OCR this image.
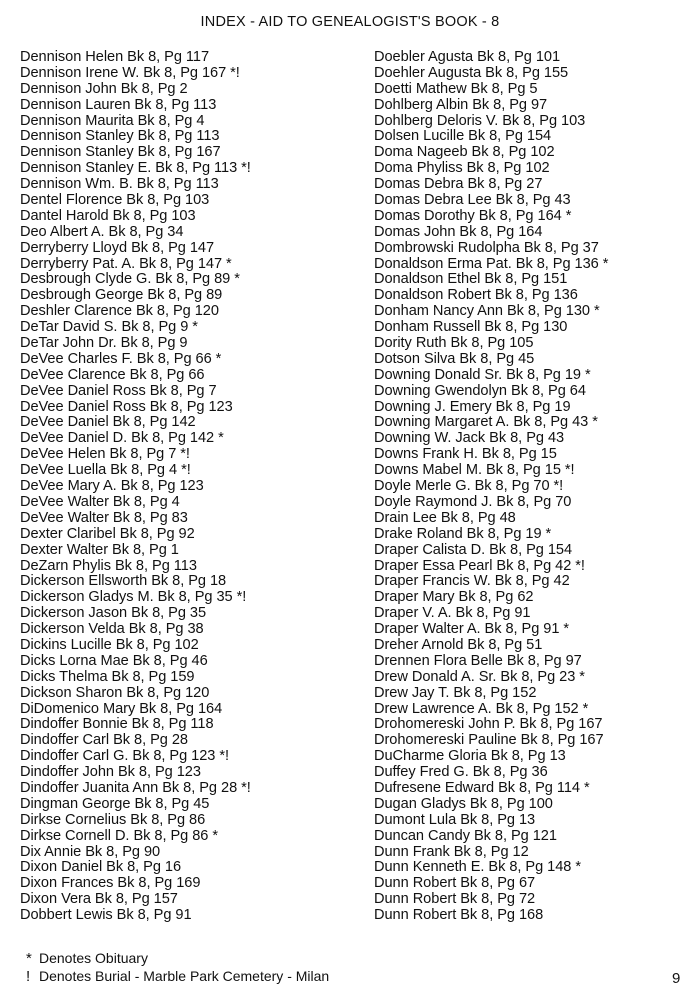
INDEX - AID TO GENEALOGIST'S BOOK - 8
Dennison Helen Bk 8, Pg 117
Dennison Irene W. Bk 8, Pg 167 *!
Dennison John Bk 8, Pg 2
Dennison Lauren Bk 8, Pg 113
Dennison Maurita Bk 8, Pg 4
Dennison Stanley Bk 8, Pg 113
Dennison Stanley Bk 8, Pg 167
Dennison Stanley E. Bk 8, Pg 113 *!
Dennison Wm. B. Bk 8, Pg 113
Dentel Florence Bk 8, Pg 103
Dantel Harold Bk 8, Pg 103
Deo Albert A. Bk 8, Pg 34
Derryberry Lloyd Bk 8, Pg 147
Derryberry Pat. A. Bk 8, Pg 147 *
Desbrough Clyde G. Bk 8, Pg 89 *
Desbrough George Bk 8, Pg 89
Deshler Clarence Bk 8, Pg 120
DeTar David S. Bk 8, Pg 9 *
DeTar John Dr. Bk 8, Pg 9
DeVee Charles F. Bk 8, Pg 66 *
DeVee Clarence Bk 8, Pg 66
DeVee Daniel Ross Bk 8, Pg 7
DeVee Daniel Ross Bk 8, Pg 123
DeVee Daniel Bk 8, Pg 142
DeVee Daniel D. Bk 8, Pg 142 *
DeVee Helen Bk 8, Pg 7 *!
DeVee Luella Bk 8, Pg 4 *!
DeVee Mary A. Bk 8, Pg 123
DeVee Walter Bk 8, Pg 4
DeVee Walter Bk 8, Pg 83
Dexter Claribel Bk 8, Pg 92
Dexter Walter Bk 8, Pg 1
DeZarn Phylis Bk 8, Pg 113
Dickerson Ellsworth Bk 8, Pg 18
Dickerson Gladys M. Bk 8, Pg 35 *!
Dickerson Jason Bk 8, Pg 35
Dickerson Velda Bk 8, Pg 38
Dickins Lucille Bk 8, Pg 102
Dicks Lorna Mae Bk 8, Pg 46
Dicks Thelma Bk 8, Pg 159
Dickson Sharon Bk 8, Pg 120
DiDomenico Mary Bk 8, Pg 164
Dindoffer Bonnie Bk 8, Pg 118
Dindoffer Carl Bk 8, Pg 28
Dindoffer Carl G. Bk 8, Pg 123 *!
Dindoffer John Bk 8, Pg 123
Dindoffer Juanita Ann Bk 8, Pg 28 *!
Dingman George Bk 8, Pg 45
Dirkse Cornelius Bk 8, Pg 86
Dirkse Cornell D. Bk 8, Pg 86 *
Dix Annie Bk 8, Pg 90
Dixon Daniel Bk 8, Pg 16
Dixon Frances Bk 8, Pg 169
Dixon Vera Bk 8, Pg 157
Dobbert Lewis Bk 8, Pg 91
Doebler Agusta Bk 8, Pg 101
Doehler Augusta Bk 8, Pg 155
Doetti Mathew Bk 8, Pg 5
Dohlberg Albin Bk 8, Pg 97
Dohlberg Deloris V. Bk 8, Pg 103
Dolsen Lucille Bk 8, Pg 154
Doma Nageeb Bk 8, Pg 102
Doma Phyliss Bk 8, Pg 102
Domas Debra Bk 8, Pg 27
Domas Debra Lee Bk 8, Pg 43
Domas Dorothy Bk 8, Pg 164 *
Domas John Bk 8, Pg 164
Dombrowski Rudolpha Bk 8, Pg 37
Donaldson Erma Pat. Bk 8, Pg 136 *
Donaldson Ethel Bk 8, Pg 151
Donaldson Robert Bk 8, Pg 136
Donham Nancy Ann Bk 8, Pg 130 *
Donham Russell Bk 8, Pg 130
Dority Ruth Bk 8, Pg 105
Dotson Silva Bk 8, Pg 45
Downing Donald Sr. Bk 8, Pg 19 *
Downing Gwendolyn Bk 8, Pg 64
Downing J. Emery Bk 8, Pg 19
Downing Margaret A. Bk 8, Pg 43 *
Downing W. Jack Bk 8, Pg 43
Downs Frank H. Bk 8, Pg 15
Downs Mabel M. Bk 8, Pg 15 *!
Doyle Merle G. Bk 8, Pg 70 *!
Doyle Raymond J. Bk 8, Pg 70
Drain Lee Bk 8, Pg 48
Drake Roland Bk 8, Pg 19 *
Draper Calista D. Bk 8, Pg 154
Draper Essa Pearl Bk 8, Pg 42 *!
Draper Francis W. Bk 8, Pg 42
Draper Mary Bk 8, Pg 62
Draper V. A. Bk 8, Pg 91
Draper Walter A. Bk 8, Pg 91 *
Dreher Arnold Bk 8, Pg 51
Drennen Flora Belle Bk 8, Pg 97
Drew Donald A. Sr. Bk 8, Pg 23 *
Drew Jay T. Bk 8, Pg 152
Drew Lawrence A. Bk 8, Pg 152 *
Drohomereski John P. Bk 8, Pg 167
Drohomereski Pauline Bk 8, Pg 167
DuCharme Gloria Bk 8, Pg 13
Duffey Fred G. Bk 8, Pg 36
Dufresene Edward Bk 8, Pg 114 *
Dugan Gladys Bk 8, Pg 100
Dumont Lula Bk 8, Pg 13
Duncan Candy Bk 8, Pg 121
Dunn Frank Bk 8, Pg 12
Dunn Kenneth E. Bk 8, Pg 148 *
Dunn Robert Bk 8, Pg 67
Dunn Robert Bk 8, Pg 72
Dunn Robert Bk 8, Pg 168
* Denotes Obituary
! Denotes Burial - Marble Park Cemetery - Milan	9
